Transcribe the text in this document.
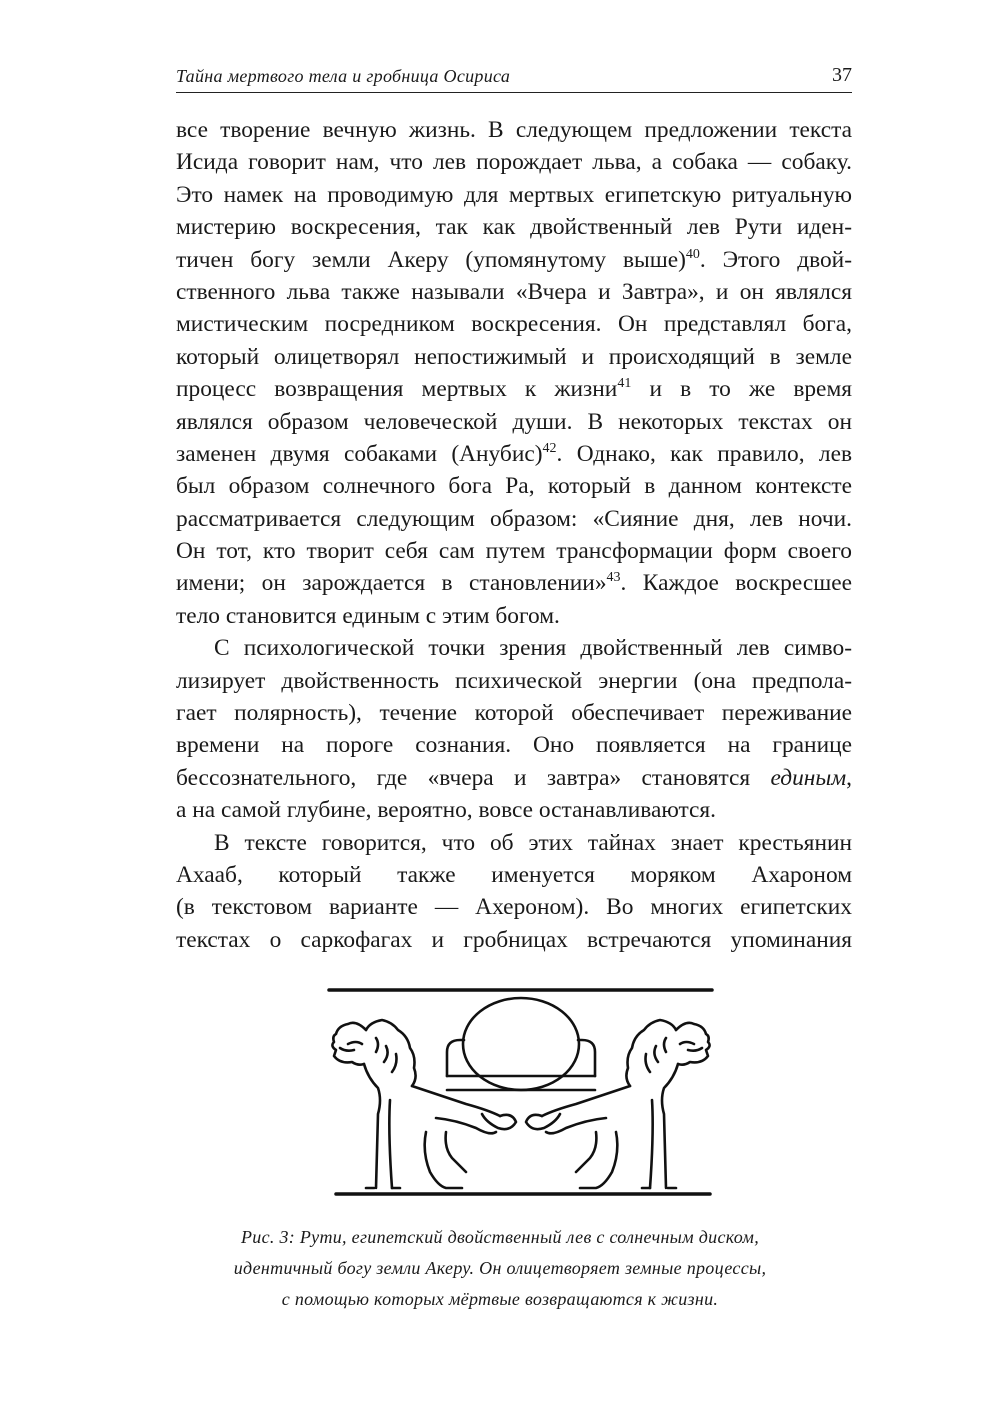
Тайна мертвого тела и гробница Осириса	37
все творение вечную жизнь. В следующем предложении текста
Исида говорит нам, что лев порождает льва, а собака — собаку.
Это намек на проводимую для мертвых египетскую ритуальную
мистерию воскресения, так как двойственный лев Рути иден-
тичен богу земли Акеру (упомянутому выше)$^{40}$. Этого двой-
ственного льва также называли «Вчера и Завтра», и он являлся
мистическим посредником воскресения. Он представлял бога,
который олицетворял непостижимый и происходящий в земле
процесс возвращения мертвых к жизни$^{41}$ и в то же время
являлся образом человеческой души. В некоторых текстах он
заменен двумя собаками (Анубис)$^{42}$. Однако, как правило, лев
был образом солнечного бога Ра, который в данном контексте
рассматривается следующим образом: «Сияние дня, лев ночи.
Он тот, кто творит себя сам путем трансформации форм своего
имени; он зарождается в становлении»$^{43}$. Каждое воскресшее
тело становится единым с этим богом.
С психологической точки зрения двойственный лев симво-
лизирует двойственность психической энергии (она предпола-
гает полярность), течение которой обеспечивает переживание
времени на пороге сознания. Оно появляется на границе
бессознательного, где «вчера и завтра» становятся единым,
а на самой глубине, вероятно, вовсе останавливаются.
В тексте говорится, что об этих тайнах знает крестьянин
Ахааб, который также именуется моряком Ахароном
(в текстовом варианте — Ахероном). Во многих египетских
текстах о саркофагах и гробницах встречаются упоминания
Рис. 3: Рути, египетский двойственный лев с солнечным диском,
идентичный богу земли Акеру. Он олицетворяет земные процессы,
с помощью которых мёртвые возвращаются к жизни.
